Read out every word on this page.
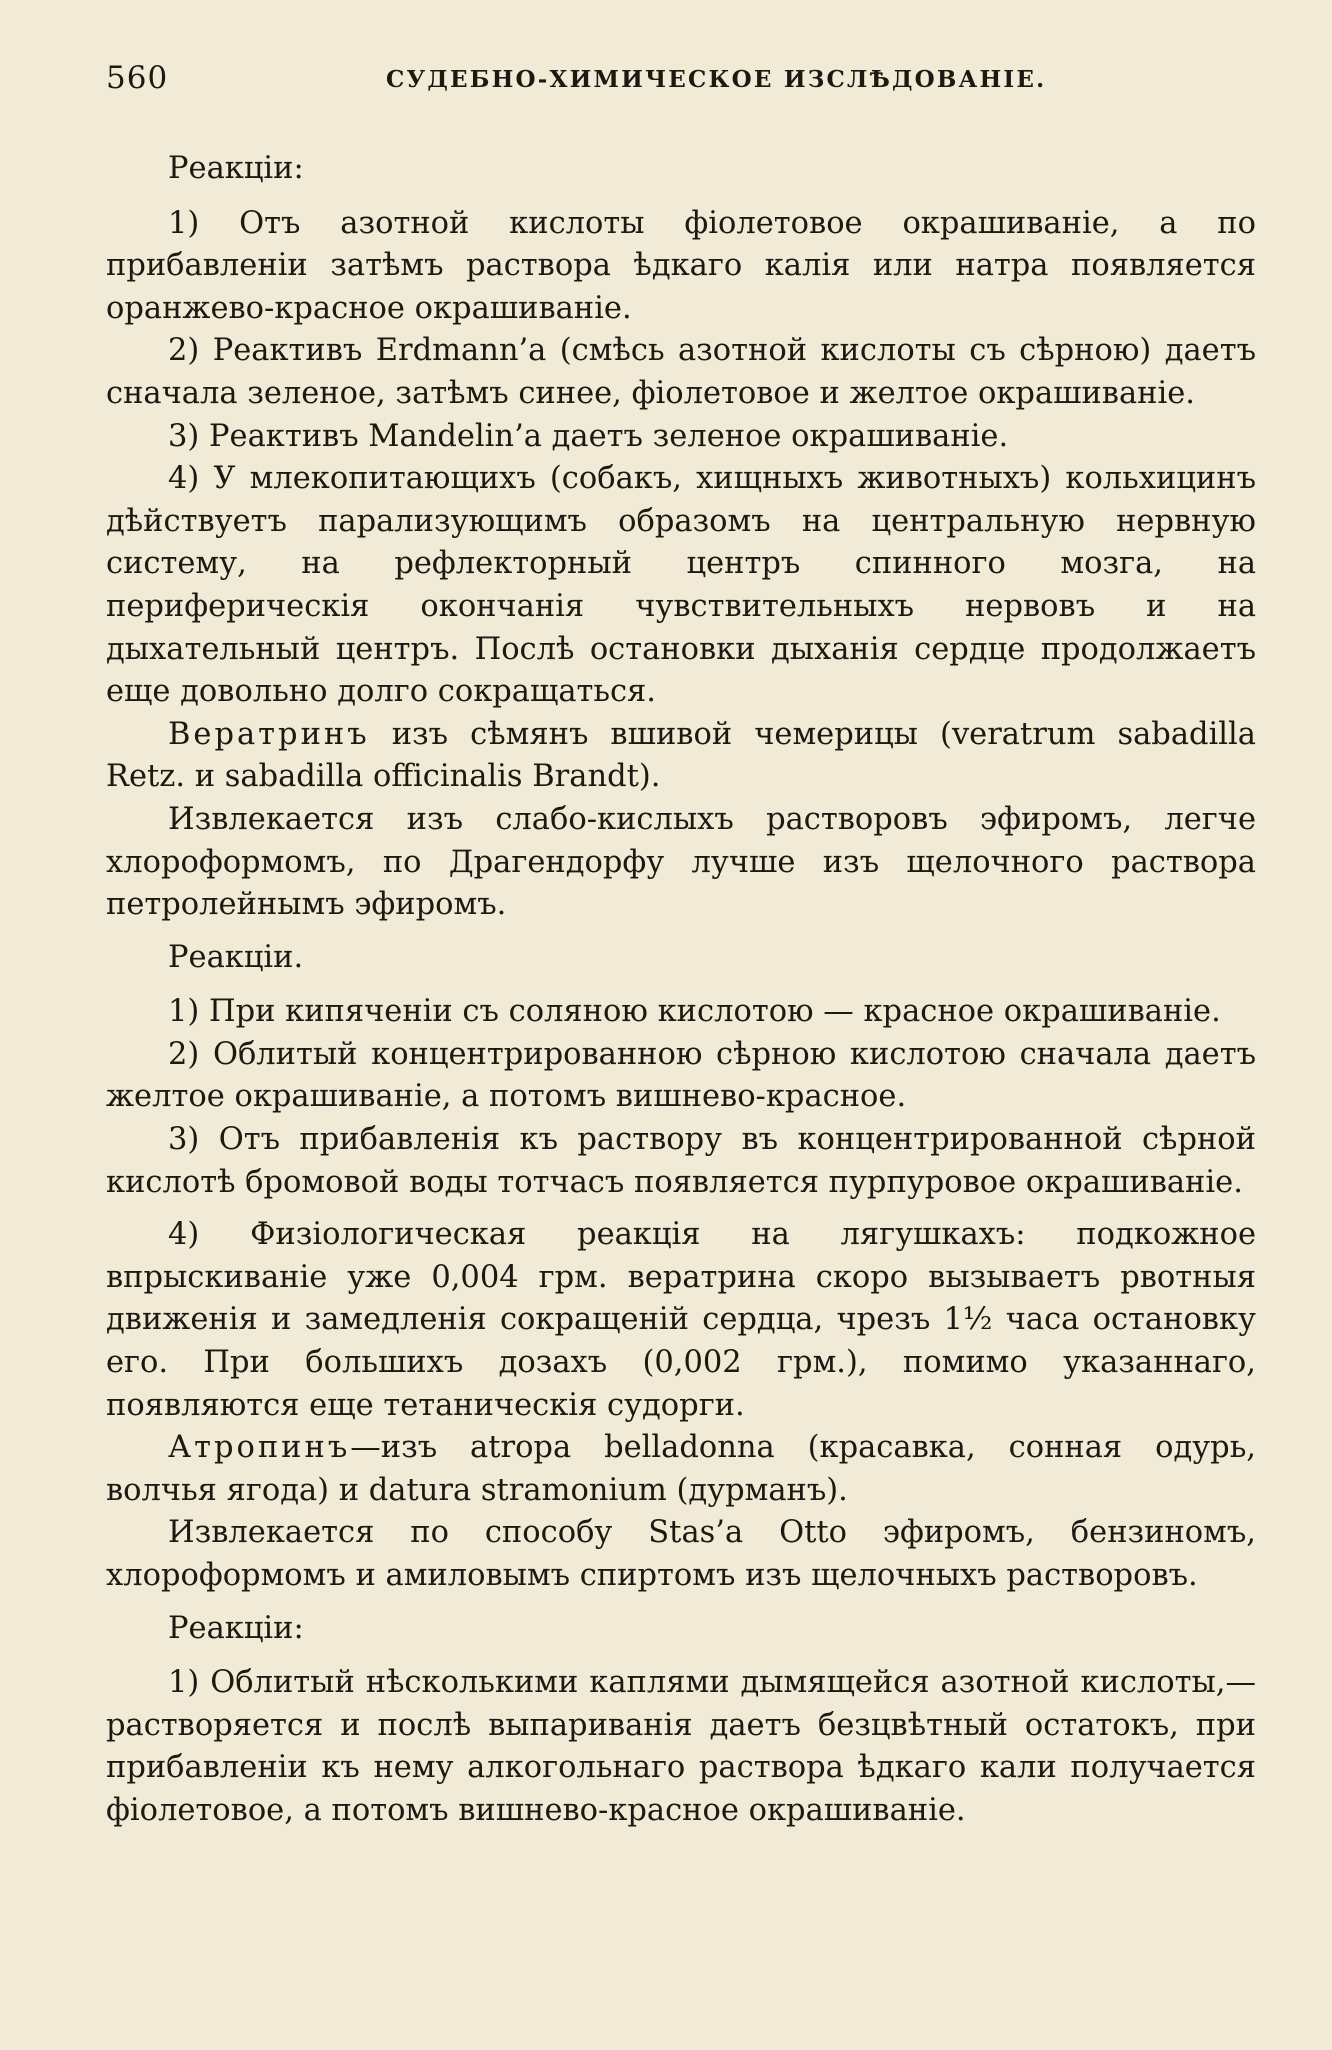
560	СУДЕБНО-ХИМИЧЕСКОЕ ИЗСЛѢДОВАНІЕ.

Реакціи:

1) Отъ азотной кислоты фіолетовое окрашиваніе, а по прибавленіи затѣмъ раствора ѣдкаго калія или натра появляется оранжево-красное окрашиваніе.

2) Реактивъ Erdmann’a (смѣсь азотной кислоты съ сѣрною) даетъ сначала зеленое, затѣмъ синее, фіолетовое и желтое окрашиваніе.

3) Реактивъ Mandelin’a даетъ зеленое окрашиваніе.

4) У млекопитающихъ (собакъ, хищныхъ животныхъ) кольхицинъ дѣйствуетъ парализующимъ образомъ на центральную нервную систему, на рефлекторный центръ спинного мозга, на периферическія окончанія чувствительныхъ нервовъ и на дыхательный центръ. Послѣ остановки дыханія сердце продолжаетъ еще довольно долго сокращаться.

Вератринъ изъ сѣмянъ вшивой чемерицы (veratrum sabadilla Retz. и sabadilla officinalis Brandt).

Извлекается изъ слабо-кислыхъ растворовъ эфиромъ, легче хлороформомъ, по Драгендорфу лучше изъ щелочного раствора петролейнымъ эфиромъ.

Реакціи.

1) При кипяченіи съ соляною кислотою — красное окрашиваніе.

2) Облитый концентрированною сѣрною кислотою сначала даетъ желтое окрашиваніе, а потомъ вишнево-красное.

3) Отъ прибавленія къ раствору въ концентрированной сѣрной кислотѣ бромовой воды тотчасъ появляется пурпуровое окрашиваніе.

4) Физіологическая реакція на лягушкахъ: подкожное впрыскиваніе уже 0,004 грм. вератрина скоро вызываетъ рвотныя движенія и замедленія сокращеній сердца, чрезъ 1½ часа остановку его. При большихъ дозахъ (0,002 грм.), помимо указаннаго, появляются еще тетаническія судорги.

Атропинъ—изъ atropa belladonna (красавка, сонная одурь, волчья ягода) и datura stramonium (дурманъ).

Извлекается по способу Stas’a Otto эфиромъ, бензиномъ, хлороформомъ и амиловымъ спиртомъ изъ щелочныхъ растворовъ.

Реакціи:

1) Облитый нѣсколькими каплями дымящейся азотной кислоты,—растворяется и послѣ выпариванія даетъ безцвѣтный остатокъ, при прибавленіи къ нему алкогольнаго раствора ѣдкаго кали получается фіолетовое, а потомъ вишнево-красное окрашиваніе.
